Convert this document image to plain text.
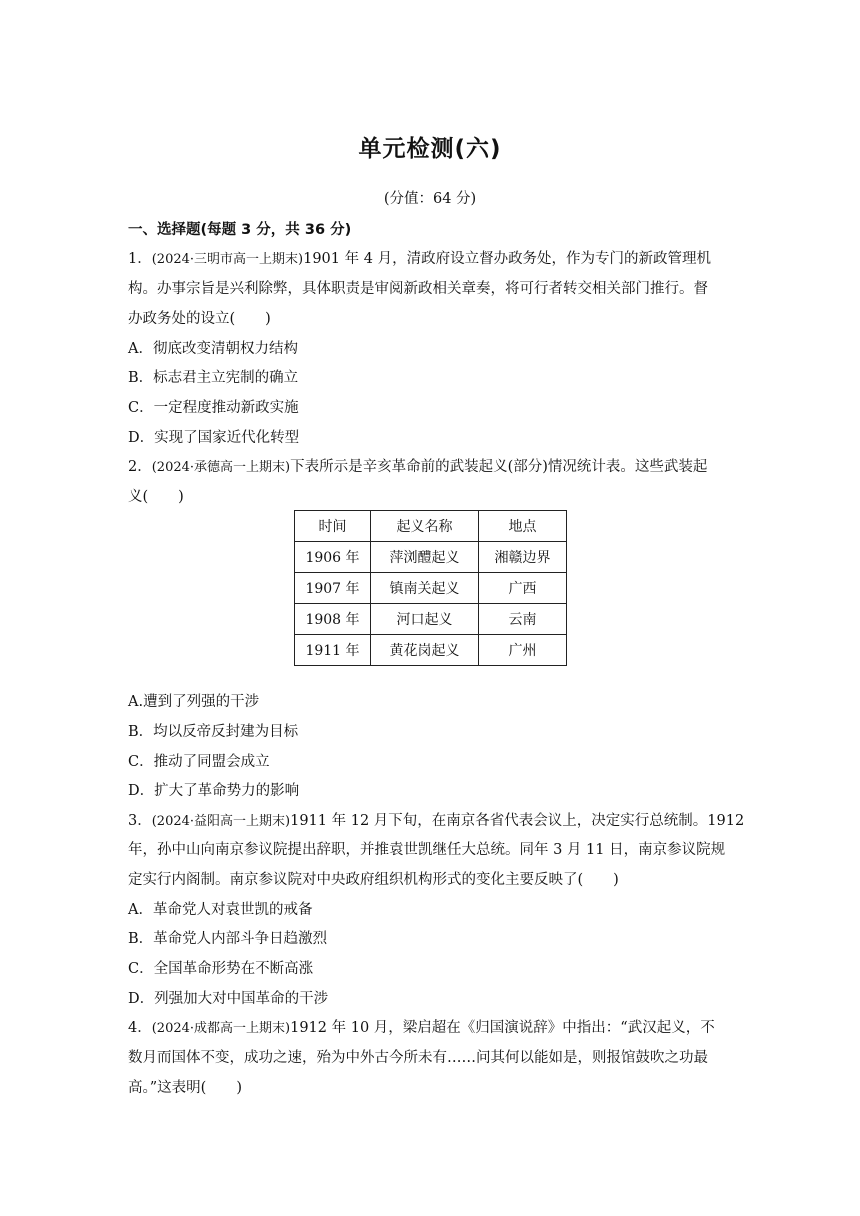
单元检测(六)
(分值：64 分)
一、选择题(每题 3 分，共 36 分)
1．(2024·三明市高一上期末)1901 年 4 月，清政府设立督办政务处，作为专门的新政管理机
构。办事宗旨是兴利除弊，具体职责是审阅新政相关章奏，将可行者转交相关部门推行。督
办政务处的设立( )
A．彻底改变清朝权力结构
B．标志君主立宪制的确立
C．一定程度推动新政实施
D．实现了国家近代化转型
2．(2024·承德高一上期末)下表所示是辛亥革命前的武装起义(部分)情况统计表。这些武装起
义( )
时间	起义名称	地点
1906 年	萍浏醴起义	湘赣边界
1907 年	镇南关起义	广西
1908 年	河口起义	云南
1911 年	黄花岗起义	广州
A.遭到了列强的干涉
B．均以反帝反封建为目标
C．推动了同盟会成立
D．扩大了革命势力的影响
3．(2024·益阳高一上期末)1911 年 12 月下旬，在南京各省代表会议上，决定实行总统制。1912
年，孙中山向南京参议院提出辞职，并推袁世凯继任大总统。同年 3 月 11 日，南京参议院规
定实行内阁制。南京参议院对中央政府组织机构形式的变化主要反映了( )
A．革命党人对袁世凯的戒备
B．革命党人内部斗争日趋激烈
C．全国革命形势在不断高涨
D．列强加大对中国革命的干涉
4．(2024·成都高一上期末)1912 年 10 月，梁启超在《归国演说辞》中指出：“武汉起义，不
数月而国体不变，成功之速，殆为中外古今所未有……问其何以能如是，则报馆鼓吹之功最
高。”这表明( )
